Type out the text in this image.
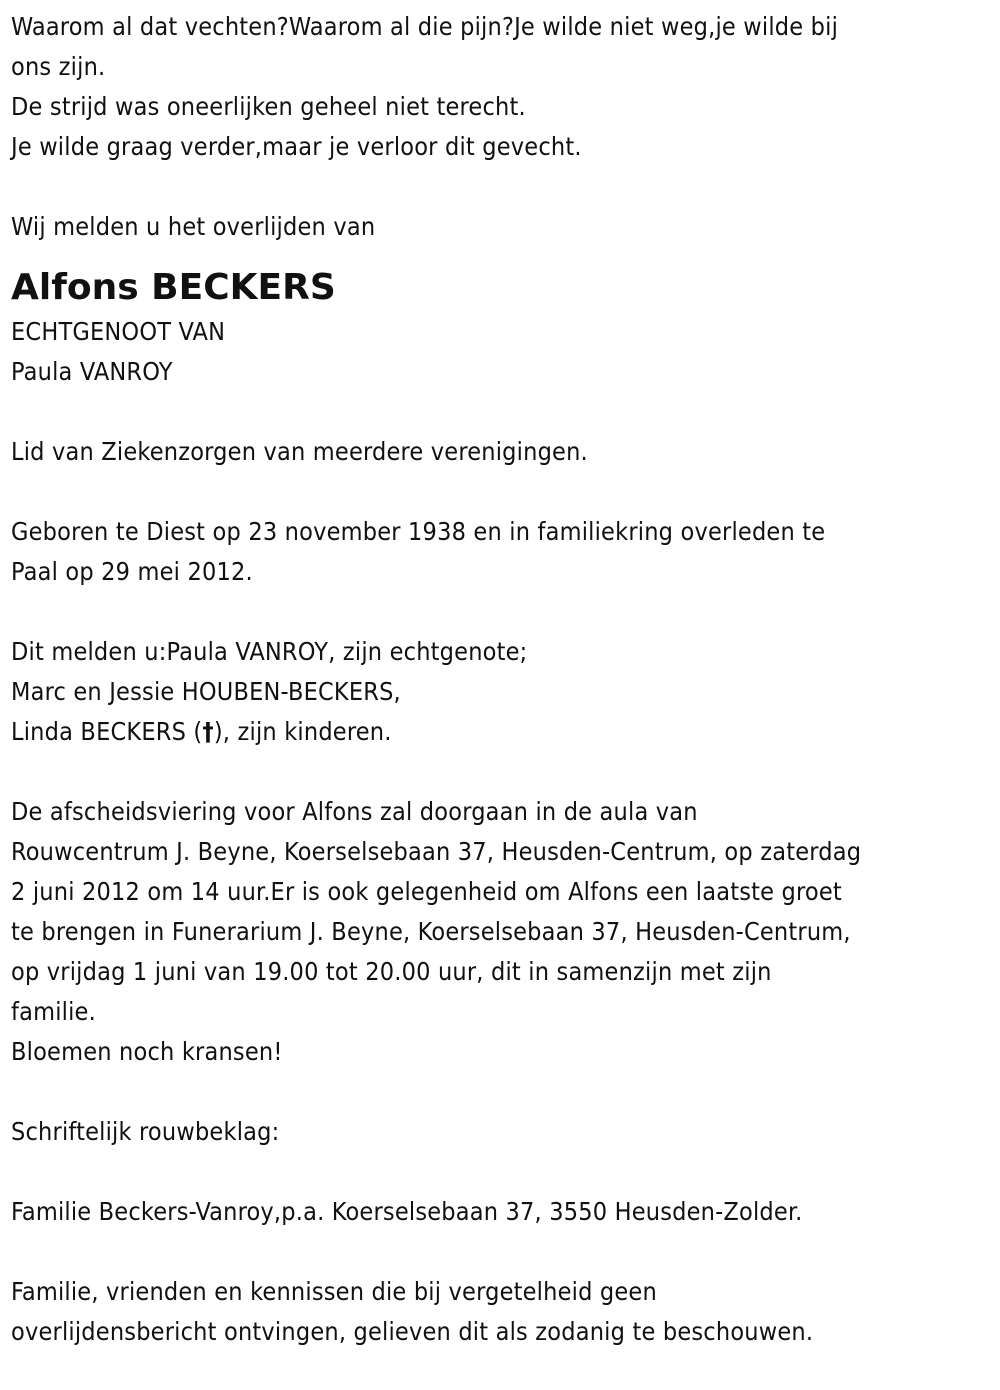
Waarom al dat vechten?Waarom al die pijn?Je wilde niet weg,je wilde bij
ons zijn.
De strijd was oneerlijken geheel niet terecht.
Je wilde graag verder,maar je verloor dit gevecht.
Wij melden u het overlijden van
Alfons BECKERS
ECHTGENOOT VAN
Paula VANROY
Lid van Ziekenzorgen van meerdere verenigingen.
Geboren te Diest op 23 november 1938 en in familiekring overleden te
Paal op 29 mei 2012.
Dit melden u:Paula VANROY, zijn echtgenote;
Marc en Jessie HOUBEN-BECKERS,
Linda BECKERS (†), zijn kinderen.
De afscheidsviering voor Alfons zal doorgaan in de aula van
Rouwcentrum J. Beyne, Koerselsebaan 37, Heusden-Centrum, op zaterdag
2 juni 2012 om 14 uur.Er is ook gelegenheid om Alfons een laatste groet
te brengen in Funerarium J. Beyne, Koerselsebaan 37, Heusden-Centrum,
op vrijdag 1 juni van 19.00 tot 20.00 uur, dit in samenzijn met zijn
familie.
Bloemen noch kransen!
Schriftelijk rouwbeklag:
Familie Beckers-Vanroy,p.a. Koerselsebaan 37, 3550 Heusden-Zolder.
Familie, vrienden en kennissen die bij vergetelheid geen
overlijdensbericht ontvingen, gelieven dit als zodanig te beschouwen.
